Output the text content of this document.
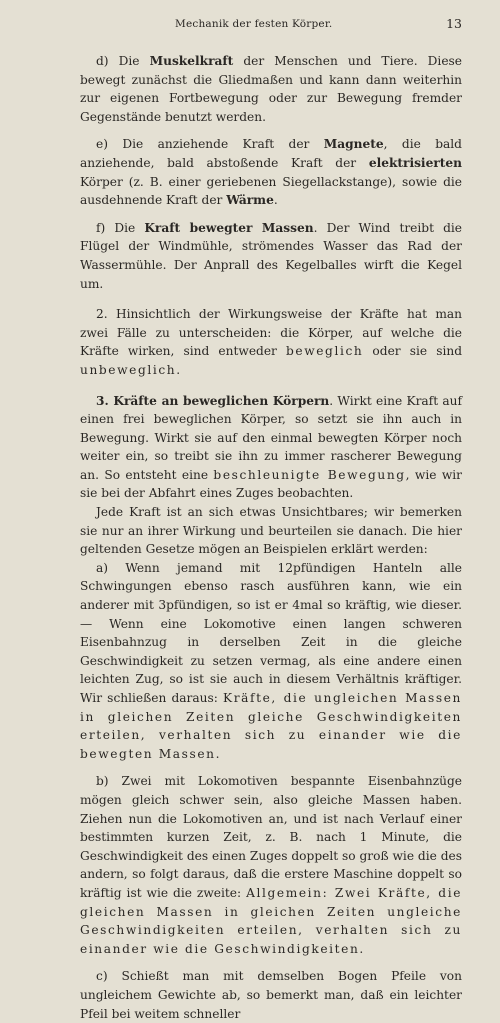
Mechanik der festen Körper.	13

d) Die Muskelkraft der Menschen und Tiere. Diese bewegt zunächst die Gliedmaßen und kann dann weiterhin zur eigenen Fortbewegung oder zur Bewegung fremder Gegenstände benutzt werden.

e) Die anziehende Kraft der Magnete, die bald anziehende, bald abstoßende Kraft der elektrisierten Körper (z. B. einer geriebenen Siegellackstange), sowie die ausdehnende Kraft der Wärme.

f) Die Kraft bewegter Massen. Der Wind treibt die Flügel der Windmühle, strömendes Wasser das Rad der Wassermühle. Der Anprall des Kegelballes wirft die Kegel um.

2. Hinsichtlich der Wirkungsweise der Kräfte hat man zwei Fälle zu unterscheiden: die Körper, auf welche die Kräfte wirken, sind entweder beweglich oder sie sind unbeweglich.

3. Kräfte an beweglichen Körpern. Wirkt eine Kraft auf einen frei beweglichen Körper, so setzt sie ihn auch in Bewegung. Wirkt sie auf den einmal bewegten Körper noch weiter ein, so treibt sie ihn zu immer rascherer Bewegung an. So entsteht eine beschleunigte Bewegung, wie wir sie bei der Abfahrt eines Zuges beobachten.

Jede Kraft ist an sich etwas Unsichtbares; wir bemerken sie nur an ihrer Wirkung und beurteilen sie danach. Die hier geltenden Gesetze mögen an Beispielen erklärt werden:

a) Wenn jemand mit 12pfündigen Hanteln alle Schwingungen ebenso rasch ausführen kann, wie ein anderer mit 3pfündigen, so ist er 4mal so kräftig, wie dieser. — Wenn eine Lokomotive einen langen schweren Eisenbahnzug in derselben Zeit in die gleiche Geschwindigkeit zu setzen vermag, als eine andere einen leichten Zug, so ist sie auch in diesem Verhältnis kräftiger. Wir schließen daraus: Kräfte, die ungleichen Massen in gleichen Zeiten gleiche Geschwindigkeiten erteilen, verhalten sich zu einander wie die bewegten Massen.

b) Zwei mit Lokomotiven bespannte Eisenbahnzüge mögen gleich schwer sein, also gleiche Massen haben. Ziehen nun die Lokomotiven an, und ist nach Verlauf einer bestimmten kurzen Zeit, z. B. nach 1 Minute, die Geschwindigkeit des einen Zuges doppelt so groß wie die des andern, so folgt daraus, daß die erstere Maschine doppelt so kräftig ist wie die zweite: Allgemein: Zwei Kräfte, die gleichen Massen in gleichen Zeiten ungleiche Geschwindigkeiten erteilen, verhalten sich zu einander wie die Geschwindigkeiten.

c) Schießt man mit demselben Bogen Pfeile von ungleichem Gewichte ab, so bemerkt man, daß ein leichter Pfeil bei weitem schneller
